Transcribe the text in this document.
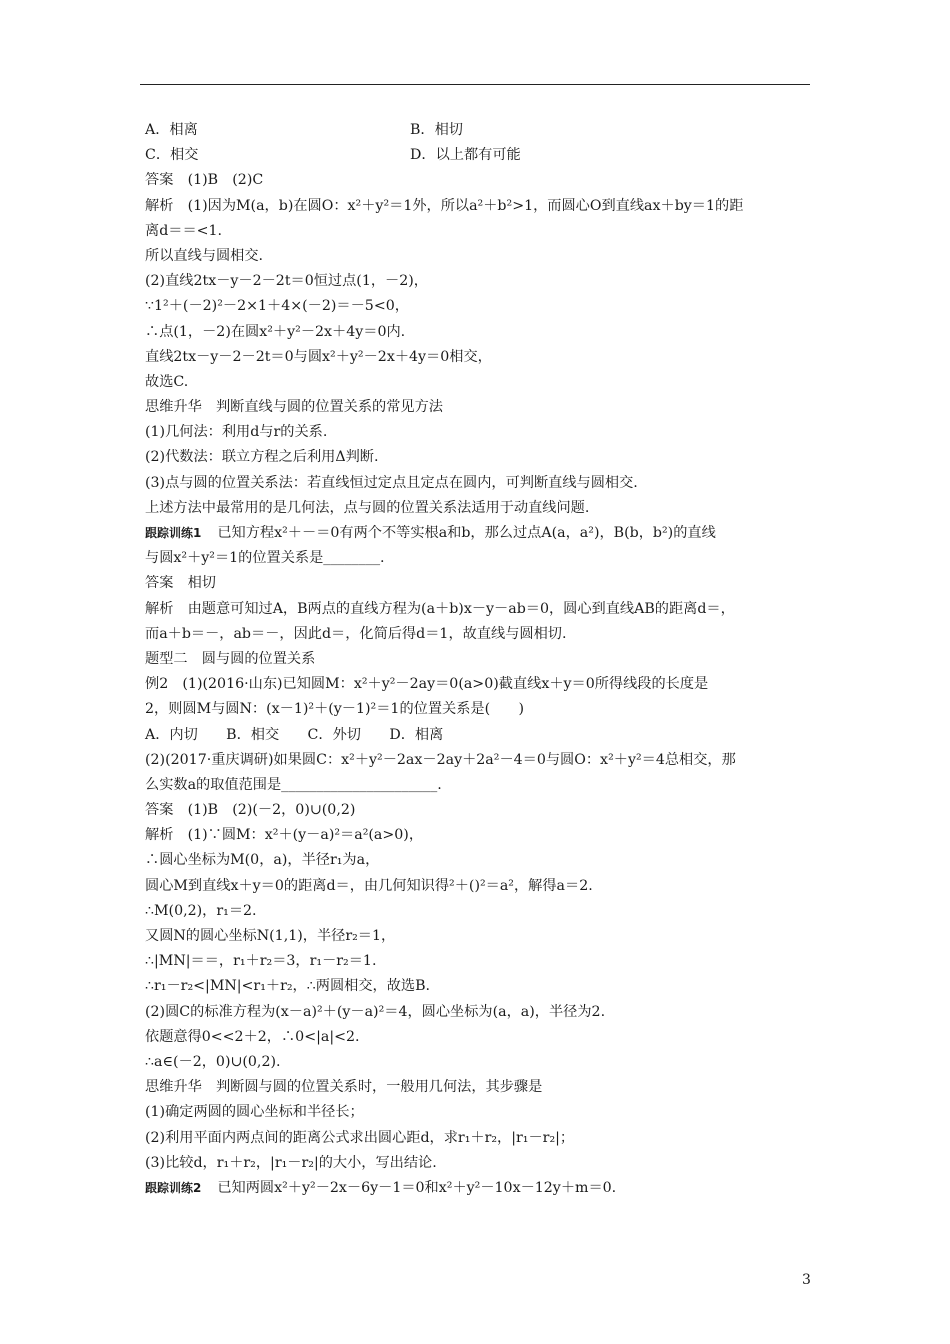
A．相离	B．相切
C．相交	D．以上都有可能
答案　(1)B　(2)C
解析　(1)因为M(a，b)在圆O：x²＋y²＝1外，所以a²＋b²>1，而圆心O到直线ax＋by＝1的距
离d＝＝<1.
所以直线与圆相交.
(2)直线2tx－y－2－2t＝0恒过点(1，－2)，
∵1²＋(－2)²－2×1＋4×(－2)＝－5<0，
∴点(1，－2)在圆x²＋y²－2x＋4y＝0内.
直线2tx－y－2－2t＝0与圆x²＋y²－2x＋4y＝0相交，
故选C.
思维升华　判断直线与圆的位置关系的常见方法
(1)几何法：利用d与r的关系.
(2)代数法：联立方程之后利用Δ判断.
(3)点与圆的位置关系法：若直线恒过定点且定点在圆内，可判断直线与圆相交.
上述方法中最常用的是几何法，点与圆的位置关系法适用于动直线问题.
跟踪训练1 已知方程x²＋－＝0有两个不等实根a和b，那么过点A(a，a²)，B(b，b²)的直线
与圆x²＋y²＝1的位置关系是________.
答案　相切
解析　由题意可知过A，B两点的直线方程为(a＋b)x－y－ab＝0，圆心到直线AB的距离d＝，
而a＋b＝－，ab＝－，因此d＝，化简后得d＝1，故直线与圆相切.
题型二　圆与圆的位置关系
例2　(1)(2016·山东)已知圆M：x²＋y²－2ay＝0(a>0)截直线x＋y＝0所得线段的长度是
2，则圆M与圆N：(x－1)²＋(y－1)²＝1的位置关系是(　　)
A．内切　　B．相交　　C．外切　　D．相离
(2)(2017·重庆调研)如果圆C：x²＋y²－2ax－2ay＋2a²－4＝0与圆O：x²＋y²＝4总相交，那
么实数a的取值范围是______________________.
答案　(1)B　(2)(－2，0)∪(0,2)
解析　(1)∵圆M：x²＋(y－a)²＝a²(a>0)，
∴圆心坐标为M(0，a)，半径r₁为a，
圆心M到直线x＋y＝0的距离d＝，由几何知识得²＋()²＝a²，解得a＝2.
∴M(0,2)，r₁＝2.
又圆N的圆心坐标N(1,1)，半径r₂＝1，
∴|MN|＝＝，r₁＋r₂＝3，r₁－r₂＝1.
∴r₁－r₂<|MN|<r₁＋r₂，∴两圆相交，故选B.
(2)圆C的标准方程为(x－a)²＋(y－a)²＝4，圆心坐标为(a，a)，半径为2.
依题意得0<<2＋2，∴0<|a|<2.
∴a∈(－2，0)∪(0,2).
思维升华　判断圆与圆的位置关系时，一般用几何法，其步骤是
(1)确定两圆的圆心坐标和半径长；
(2)利用平面内两点间的距离公式求出圆心距d，求r₁＋r₂，|r₁－r₂|；
(3)比较d，r₁＋r₂，|r₁－r₂|的大小，写出结论.
跟踪训练2 已知两圆x²＋y²－2x－6y－1＝0和x²＋y²－10x－12y＋m＝0.
3
